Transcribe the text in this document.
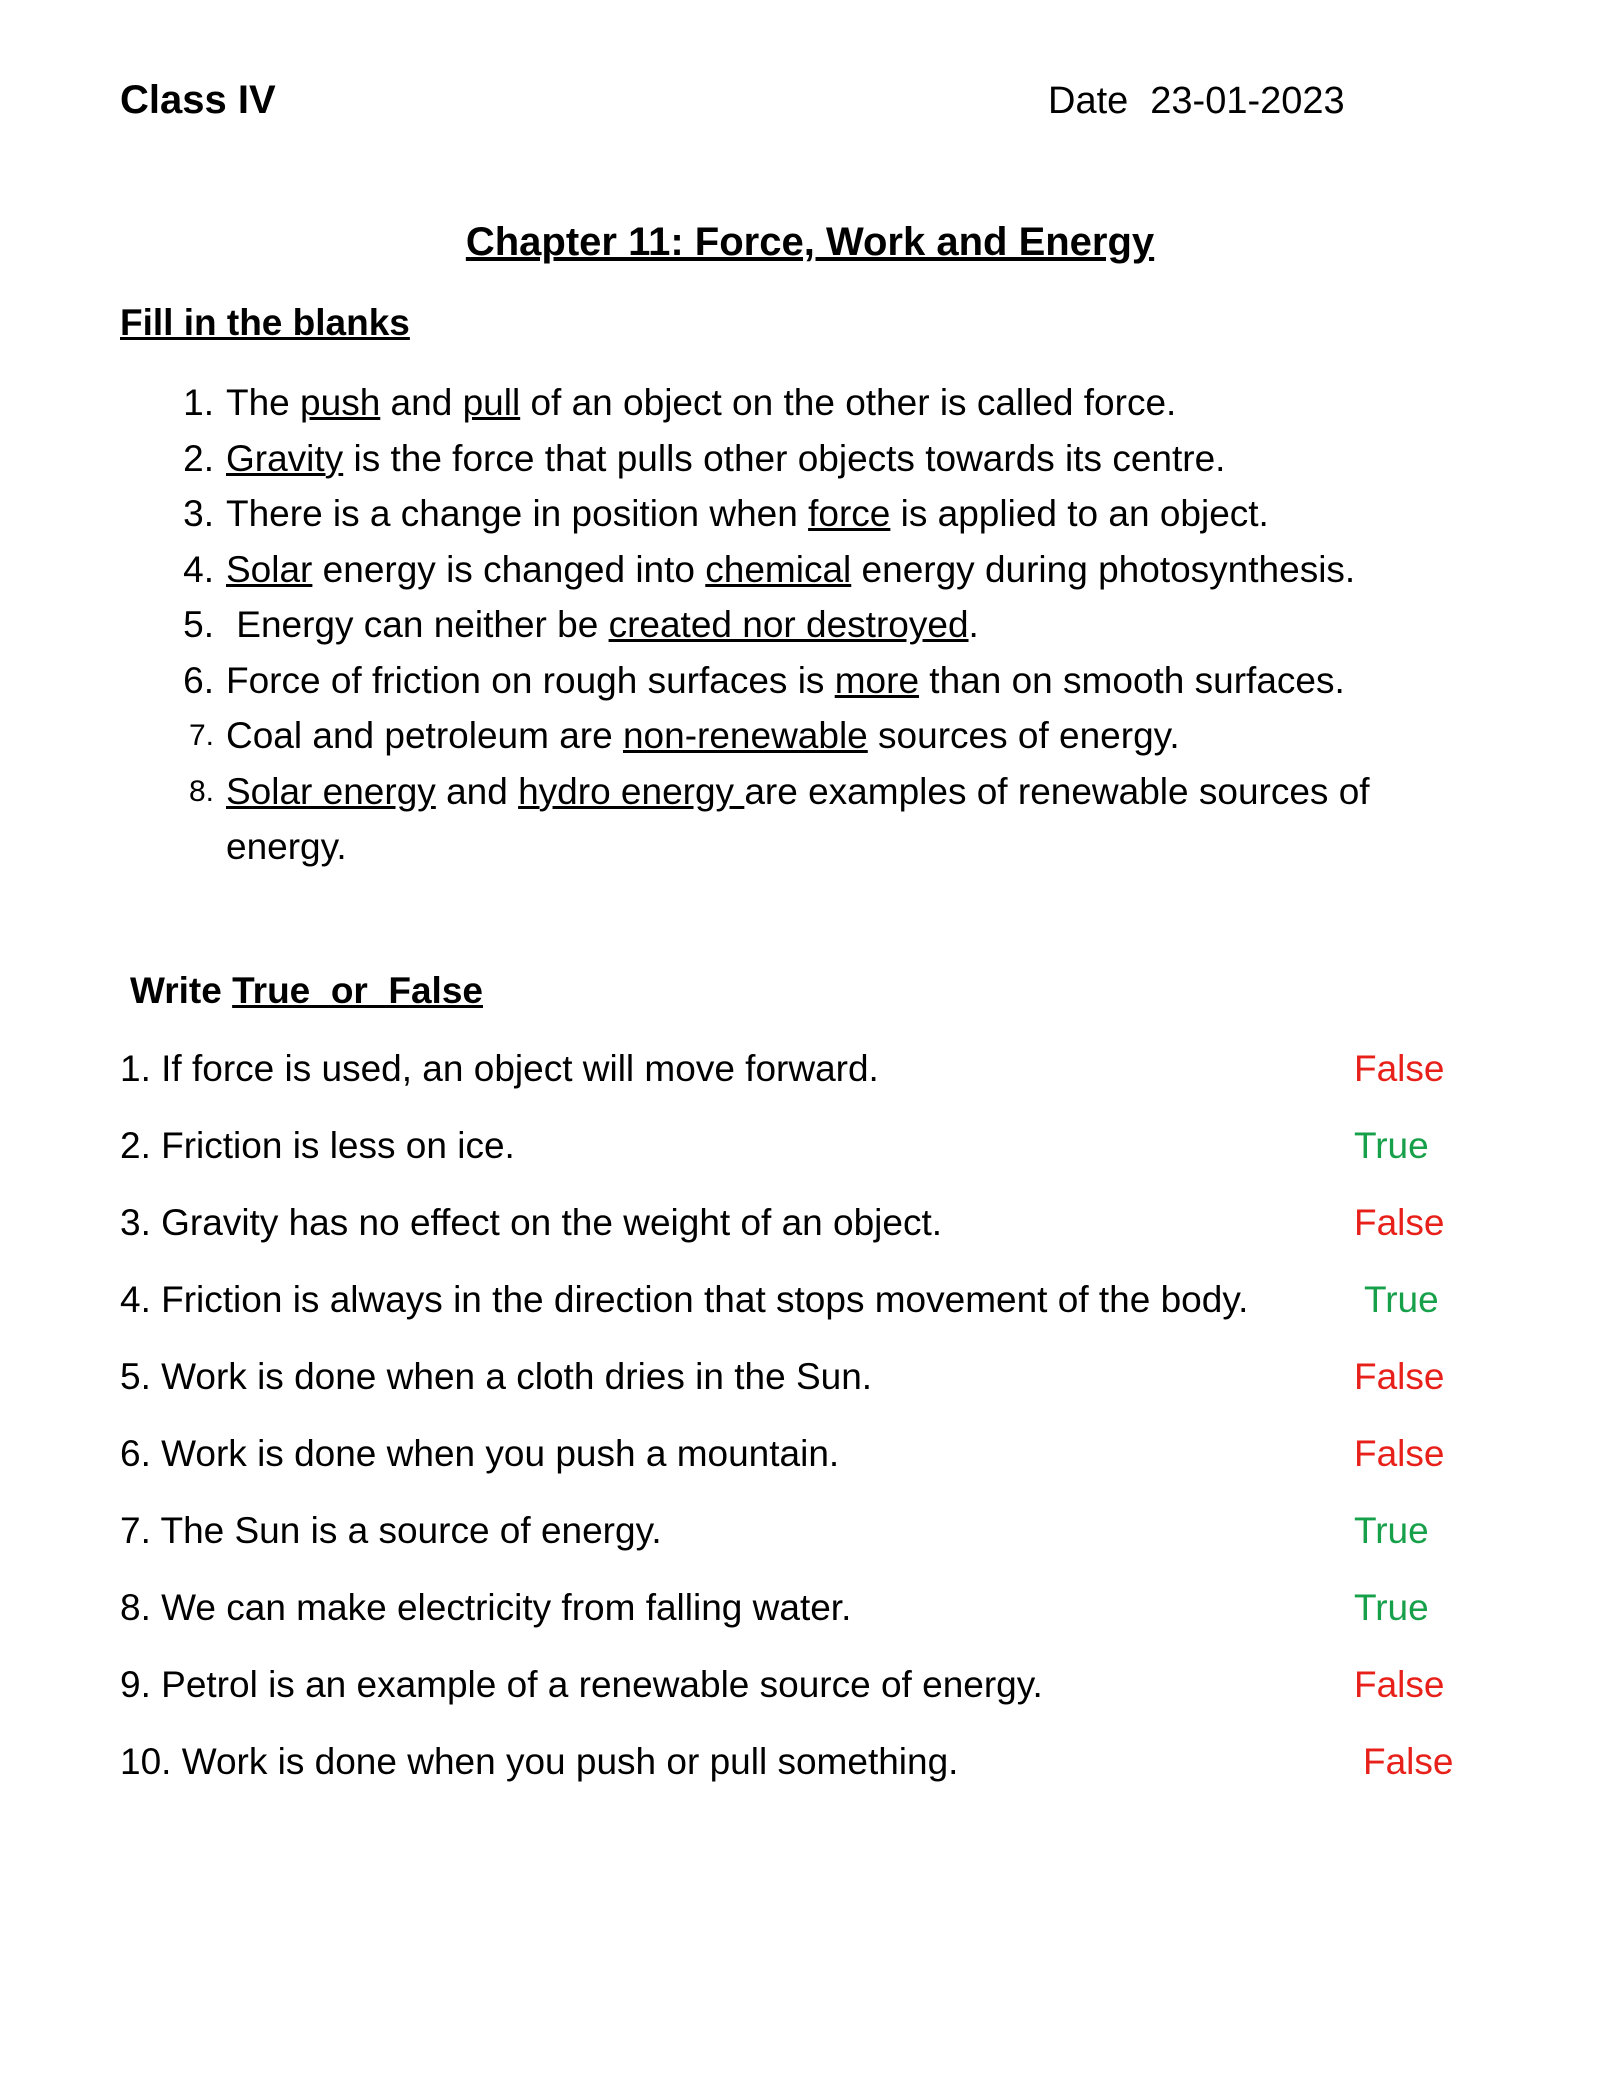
Class IV	Date 23-01-2023
Chapter 11: Force, Work and Energy
Fill in the blanks
1. The push and pull of an object on the other is called force.
2. Gravity is the force that pulls other objects towards its centre.
3. There is a change in position when force is applied to an object.
4. Solar energy is changed into chemical energy during photosynthesis.
5. Energy can neither be created nor destroyed.
6. Force of friction on rough surfaces is more than on smooth surfaces.
7. Coal and petroleum are non-renewable sources of energy.
8. Solar energy and hydro energy are examples of renewable sources of energy.
Write True  or  False
1. If force is used, an object will move forward.	False
2. Friction is less on ice.	True
3. Gravity has no effect on the weight of an object.	False
4. Friction is always in the direction that stops movement of the body.	True
5. Work is done when a cloth dries in the Sun.	False
6. Work is done when you push a mountain.	False
7. The Sun is a source of energy.	True
8. We can make electricity from falling water.	True
9. Petrol is an example of a renewable source of energy.	False
10. Work is done when you push or pull something.	False
